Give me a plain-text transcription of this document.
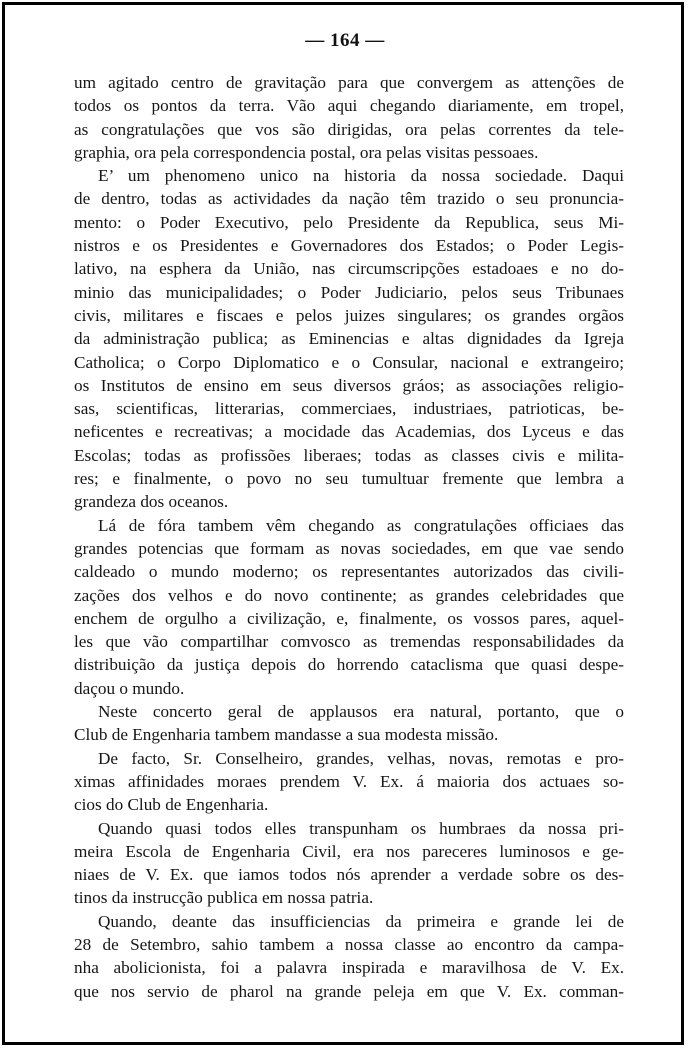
— 164 —
um agitado centro de gravitação para que convergem as attenções de
todos os pontos da terra. Vão aqui chegando diariamente, em tropel,
as congratulações que vos são dirigidas, ora pelas correntes da tele-
graphia, ora pela correspondencia postal, ora pelas visitas pessoaes.
E’ um phenomeno unico na historia da nossa sociedade. Daqui
de dentro, todas as actividades da nação têm trazido o seu pronuncia-
mento: o Poder Executivo, pelo Presidente da Republica, seus Mi-
nistros e os Presidentes e Governadores dos Estados; o Poder Legis-
lativo, na esphera da União, nas circumscripções estadoaes e no do-
minio das municipalidades; o Poder Judiciario, pelos seus Tribunaes
civis, militares e fiscaes e pelos juizes singulares; os grandes orgãos
da administração publica; as Eminencias e altas dignidades da Igreja
Catholica; o Corpo Diplomatico e o Consular, nacional e extrangeiro;
os Institutos de ensino em seus diversos gráos; as associações religio-
sas, scientificas, litterarias, commerciaes, industriaes, patrioticas, be-
neficentes e recreativas; a mocidade das Academias, dos Lyceus e das
Escolas; todas as profissões liberaes; todas as classes civis e milita-
res; e finalmente, o povo no seu tumultuar fremente que lembra a
grandeza dos oceanos.
Lá de fóra tambem vêm chegando as congratulações officiaes das
grandes potencias que formam as novas sociedades, em que vae sendo
caldeado o mundo moderno; os representantes autorizados das civili-
zações dos velhos e do novo continente; as grandes celebridades que
enchem de orgulho a civilização, e, finalmente, os vossos pares, aquel-
les que vão compartilhar comvosco as tremendas responsabilidades da
distribuição da justiça depois do horrendo cataclisma que quasi despe-
daçou o mundo.
Neste concerto geral de applausos era natural, portanto, que o
Club de Engenharia tambem mandasse a sua modesta missão.
De facto, Sr. Conselheiro, grandes, velhas, novas, remotas e pro-
ximas affinidades moraes prendem V. Ex. á maioria dos actuaes so-
cios do Club de Engenharia.
Quando quasi todos elles transpunham os humbraes da nossa pri-
meira Escola de Engenharia Civil, era nos pareceres luminosos e ge-
niaes de V. Ex. que iamos todos nós aprender a verdade sobre os des-
tinos da instrucção publica em nossa patria.
Quando, deante das insufficiencias da primeira e grande lei de
28 de Setembro, sahio tambem a nossa classe ao encontro da campa-
nha abolicionista, foi a palavra inspirada e maravilhosa de V. Ex.
que nos servio de pharol na grande peleja em que V. Ex. comman-
